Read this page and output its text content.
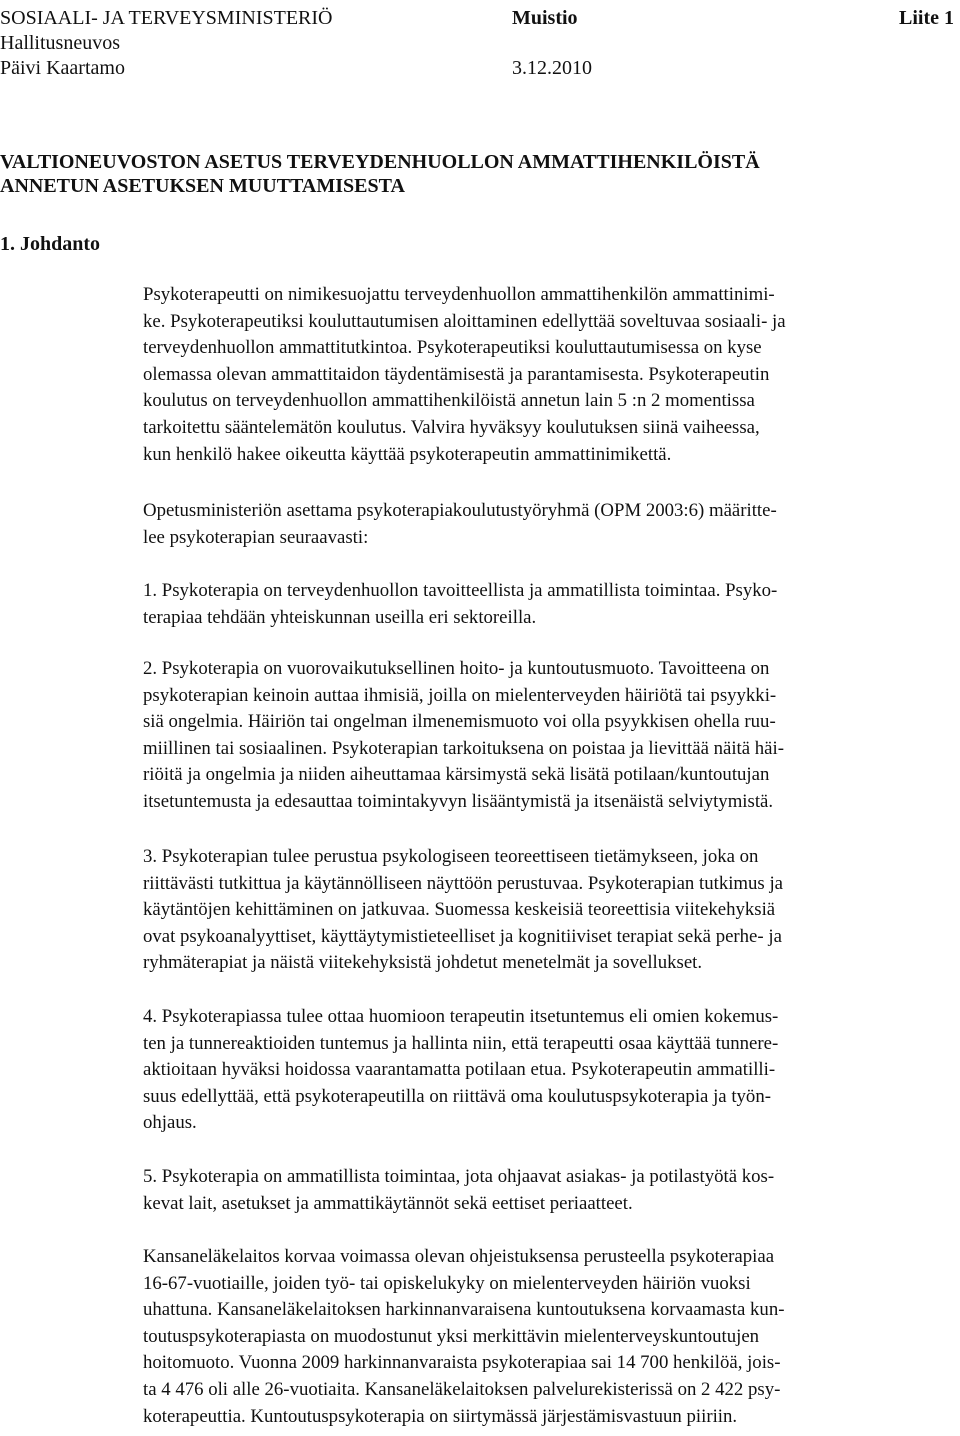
SOSIAALI- JA TERVEYSMINISTERIÖ	Muistio	Liite 1
Hallitusneuvos
Päivi Kaartamo	3.12.2010
VALTIONEUVOSTON ASETUS TERVEYDENHUOLLON AMMATTIHENKILÖISTÄ
ANNETUN ASETUKSEN MUUTTAMISESTA
1. Johdanto

Psykoterapeutti on nimikesuojattu terveydenhuollon ammattihenkilön ammattinimi-
ke. Psykoterapeutiksi kouluttautumisen aloittaminen edellyttää soveltuvaa sosiaali- ja
terveydenhuollon ammattitutkintoa. Psykoterapeutiksi kouluttautumisessa on kyse
olemassa olevan ammattitaidon täydentämisestä ja parantamisesta. Psykoterapeutin
koulutus on terveydenhuollon ammattihenkilöistä annetun lain 5 :n 2 momentissa
tarkoitettu sääntelemätön koulutus. Valvira hyväksyy koulutuksen siinä vaiheessa,
kun henkilö hakee oikeutta käyttää psykoterapeutin ammattinimikettä.

Opetusministeriön asettama psykoterapiakoulutustyöryhmä (OPM 2003:6) määritte-
lee psykoterapian seuraavasti:

1. Psykoterapia on terveydenhuollon tavoitteellista ja ammatillista toimintaa. Psyko-
terapiaa tehdään yhteiskunnan useilla eri sektoreilla.

2. Psykoterapia on vuorovaikutuksellinen hoito- ja kuntoutusmuoto. Tavoitteena on
psykoterapian keinoin auttaa ihmisiä, joilla on mielenterveyden häiriötä tai psyykki-
siä ongelmia. Häiriön tai ongelman ilmenemismuoto voi olla psyykkisen ohella ruu-
miillinen tai sosiaalinen. Psykoterapian tarkoituksena on poistaa ja lievittää näitä häi-
riöitä ja ongelmia ja niiden aiheuttamaa kärsimystä sekä lisätä potilaan/kuntoutujan
itsetuntemusta ja edesauttaa toimintakyvyn lisääntymistä ja itsenäistä selviytymistä.

3. Psykoterapian tulee perustua psykologiseen teoreettiseen tietämykseen, joka on
riittävästi tutkittua ja käytännölliseen näyttöön perustuvaa. Psykoterapian tutkimus ja
käytäntöjen kehittäminen on jatkuvaa. Suomessa keskeisiä teoreettisia viitekehyksiä
ovat psykoanalyyttiset, käyttäytymistieteelliset ja kognitiiviset terapiat sekä perhe- ja
ryhmäterapiat ja näistä viitekehyksistä johdetut menetelmät ja sovellukset.

4. Psykoterapiassa tulee ottaa huomioon terapeutin itsetuntemus eli omien kokemus-
ten ja tunnereaktioiden tuntemus ja hallinta niin, että terapeutti osaa käyttää tunnere-
aktioitaan hyväksi hoidossa vaarantamatta potilaan etua. Psykoterapeutin ammatilli-
suus edellyttää, että psykoterapeutilla on riittävä oma koulutuspsykoterapia ja työn-
ohjaus.

5. Psykoterapia on ammatillista toimintaa, jota ohjaavat asiakas- ja potilastyötä kos-
kevat lait, asetukset ja ammattikäytännöt sekä eettiset periaatteet.

Kansaneläkelaitos korvaa voimassa olevan ohjeistuksensa perusteella psykoterapiaa
16-67-vuotiaille, joiden työ- tai opiskelukyky on mielenterveyden häiriön vuoksi
uhattuna. Kansaneläkelaitoksen harkinnanvaraisena kuntoutuksena korvaamasta kun-
toutuspsykoterapiasta on muodostunut yksi merkittävin mielenterveyskuntoutujen
hoitomuoto. Vuonna 2009 harkinnanvaraista psykoterapiaa sai 14 700 henkilöä, jois-
ta 4 476 oli alle 26-vuotiaita. Kansaneläkelaitoksen palvelurekisterissä on 2 422 psy-
koterapeuttia. Kuntoutuspsykoterapia on siirtymässä järjestämisvastuun piiriin.
